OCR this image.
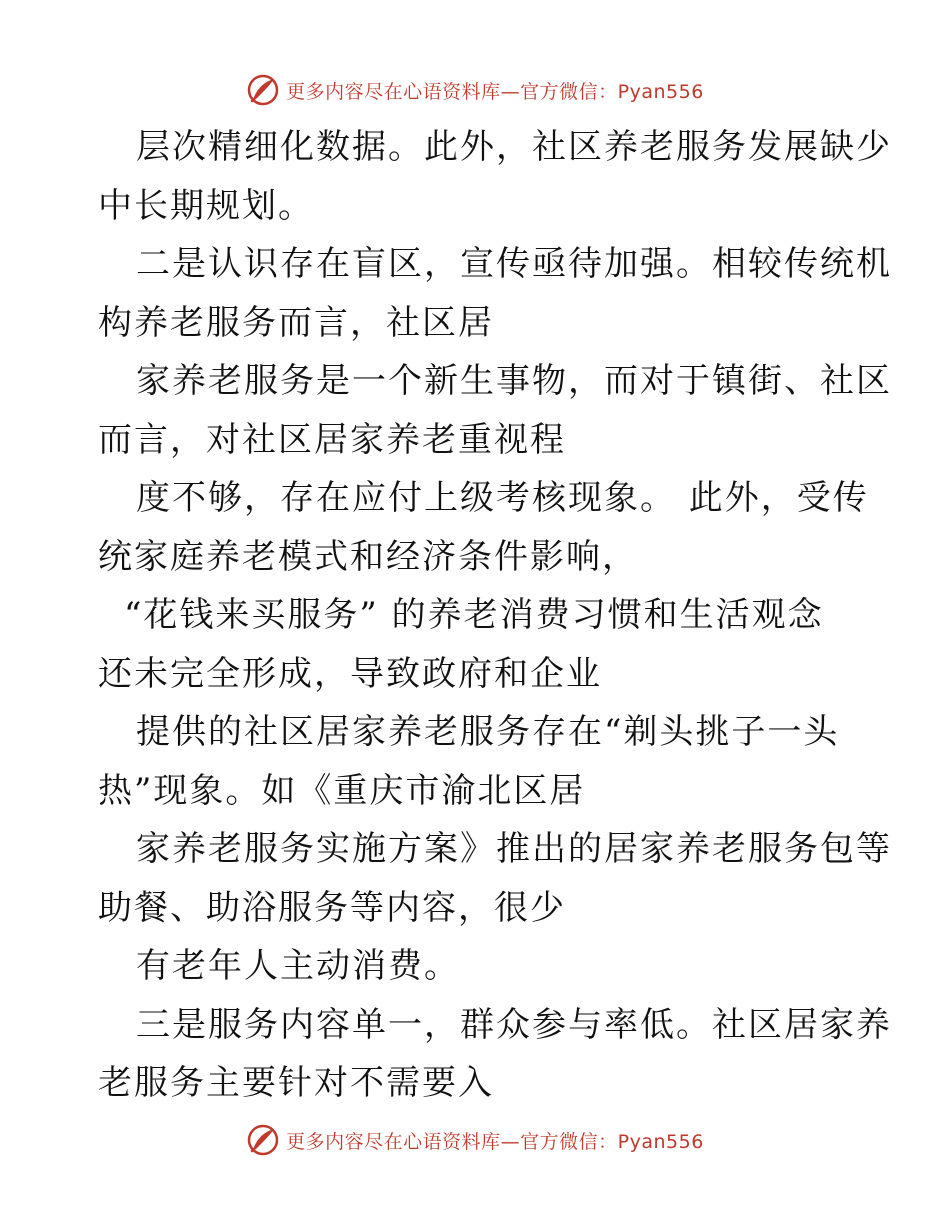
更多内容尽在心语资料库—官方微信：Pyan556
层次精细化数据。此外，社区养老服务发展缺少
中长期规划。
二是认识存在盲区，宣传亟待加强。相较传统机
构养老服务而言，社区居
家养老服务是一个新生事物，而对于镇街、社区
而言，对社区居家养老重视程
度不够，存在应付上级考核现象。 此外，受传
统家庭养老模式和经济条件影响，
“花钱来买服务” 的养老消费习惯和生活观念
还未完全形成，导致政府和企业
提供的社区居家养老服务存在“剃头挑子一头
热”现象。如《重庆市渝北区居
家养老服务实施方案》推出的居家养老服务包等
助餐、助浴服务等内容，很少
有老年人主动消费。
三是服务内容单一，群众参与率低。社区居家养
老服务主要针对不需要入
更多内容尽在心语资料库—官方微信：Pyan556
